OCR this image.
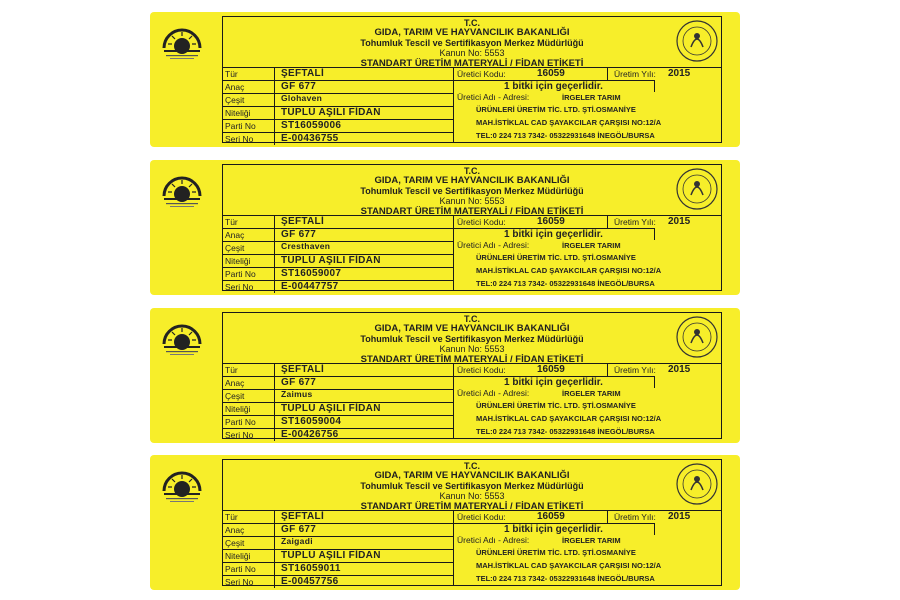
T.C.
GIDA, TARIM VE HAYVANCILIK BAKANLIĞI
Tohumluk Tescil ve Sertifikasyon Merkez Müdürlüğü
Kanun No: 5553
STANDART ÜRETİM MATERYALİ / FİDAN ETİKETİ
Tür	ŞEFTALİ
Anaç	GF 677
Çeşit	Glohaven
Niteliği	TÜPLÜ AŞILI FİDAN
Parti No	ST16059006
Seri No	E-00436755
Üretici Kodu:	16059	Üretim Yılı:	2015
1 bitki için geçerlidir.
Üretici Adı - Adresi:	İRGELER TARIM
ÜRÜNLERİ ÜRETİM TİC. LTD. ŞTİ.OSMANİYE
MAH.İSTİKLAL CAD ŞAYAKCILAR ÇARŞISI NO:12/A
TEL:0 224 713 7342- 05322931648 İNEGÖL/BURSA
T.C.
GIDA, TARIM VE HAYVANCILIK BAKANLIĞI
Tohumluk Tescil ve Sertifikasyon Merkez Müdürlüğü
Kanun No: 5553
STANDART ÜRETİM MATERYALİ / FİDAN ETİKETİ
Tür	ŞEFTALİ
Anaç	GF 677
Çeşit	Cresthaven
Niteliği	TÜPLÜ AŞILI FİDAN
Parti No	ST16059007
Seri No	E-00447757
Üretici Kodu:	16059	Üretim Yılı:	2015
1 bitki için geçerlidir.
Üretici Adı - Adresi:	İRGELER TARIM
ÜRÜNLERİ ÜRETİM TİC. LTD. ŞTİ.OSMANİYE
MAH.İSTİKLAL CAD ŞAYAKCILAR ÇARŞISI NO:12/A
TEL:0 224 713 7342- 05322931648 İNEGÖL/BURSA
T.C.
GIDA, TARIM VE HAYVANCILIK BAKANLIĞI
Tohumluk Tescil ve Sertifikasyon Merkez Müdürlüğü
Kanun No: 5553
STANDART ÜRETİM MATERYALİ / FİDAN ETİKETİ
Tür	ŞEFTALİ
Anaç	GF 677
Çeşit	Zaimus
Niteliği	TÜPLÜ AŞILI FİDAN
Parti No	ST16059004
Seri No	E-00426756
Üretici Kodu:	16059	Üretim Yılı:	2015
1 bitki için geçerlidir.
Üretici Adı - Adresi:	İRGELER TARIM
ÜRÜNLERİ ÜRETİM TİC. LTD. ŞTİ.OSMANİYE
MAH.İSTİKLAL CAD ŞAYAKCILAR ÇARŞISI NO:12/A
TEL:0 224 713 7342- 05322931648 İNEGÖL/BURSA
T.C.
GIDA, TARIM VE HAYVANCILIK BAKANLIĞI
Tohumluk Tescil ve Sertifikasyon Merkez Müdürlüğü
Kanun No: 5553
STANDART ÜRETİM MATERYALİ / FİDAN ETİKETİ
Tür	ŞEFTALİ
Anaç	GF 677
Çeşit	Zaigadi
Niteliği	TÜPLÜ AŞILI FİDAN
Parti No	ST16059011
Seri No	E-00457756
Üretici Kodu:	16059	Üretim Yılı:	2015
1 bitki için geçerlidir.
Üretici Adı - Adresi:	İRGELER TARIM
ÜRÜNLERİ ÜRETİM TİC. LTD. ŞTİ.OSMANİYE
MAH.İSTİKLAL CAD ŞAYAKCILAR ÇARŞISI NO:12/A
TEL:0 224 713 7342- 05322931648 İNEGÖL/BURSA
